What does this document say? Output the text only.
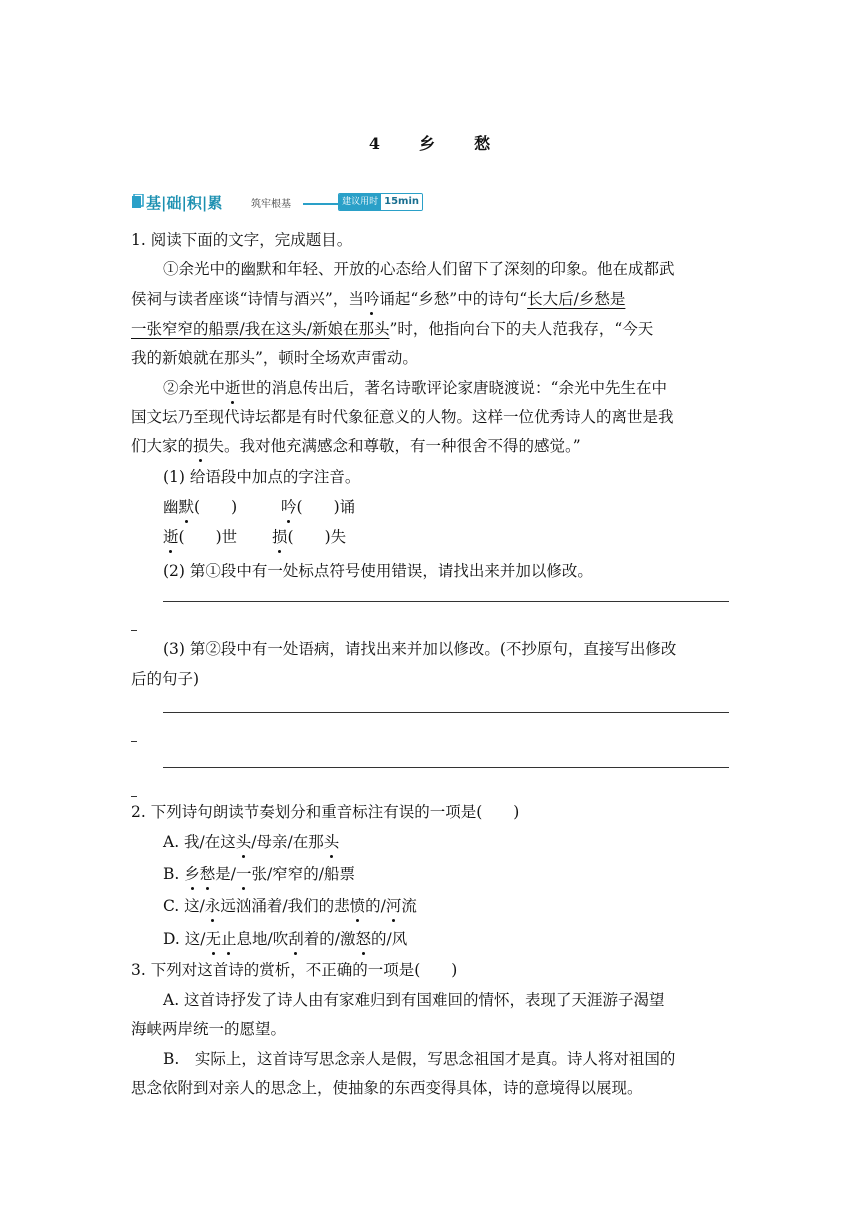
4 乡 愁
基|础|积|累	筑牢根基	建议用时 15min
1. 阅读下面的文字，完成题目。
①余光中的幽默和年轻、开放的心态给人们留下了深刻的印象。他在成都武
侯祠与读者座谈“诗情与酒兴”，当吟诵起“乡愁”中的诗句“长大后/乡愁是
一张窄窄的船票/我在这头/新娘在那头”时，他指向台下的夫人范我存，“今天
我的新娘就在那头”，顿时全场欢声雷动。
②余光中逝世的消息传出后，著名诗歌评论家唐晓渡说：“余光中先生在中
国文坛乃至现代诗坛都是有时代象征意义的人物。这样一位优秀诗人的离世是我
们大家的损失。我对他充满感念和尊敬，有一种很舍不得的感觉。”
(1) 给语段中加点的字注音。
幽默(　　)	吟(　　)诵
逝(　　)世 损(　　)失
(2) 第①段中有一处标点符号使用错误，请找出来并加以修改。
(3) 第②段中有一处语病，请找出来并加以修改。(不抄原句，直接写出修改
后的句子)
2. 下列诗句朗读节奏划分和重音标注有误的一项是(　　)
A. 我/在这头/母亲/在那头
B. 乡愁是/一张/窄窄的/船票
C. 这/永远汹涌着/我们的悲愤的/河流
D. 这/无止息地/吹刮着的/激怒的/风
3. 下列对这首诗的赏析，不正确的一项是(　　)
A. 这首诗抒发了诗人由有家难归到有国难回的情怀，表现了天涯游子渴望
海峡两岸统一的愿望。
B.　实际上，这首诗写思念亲人是假，写思念祖国才是真。诗人将对祖国的
思念依附到对亲人的思念上，使抽象的东西变得具体，诗的意境得以展现。
